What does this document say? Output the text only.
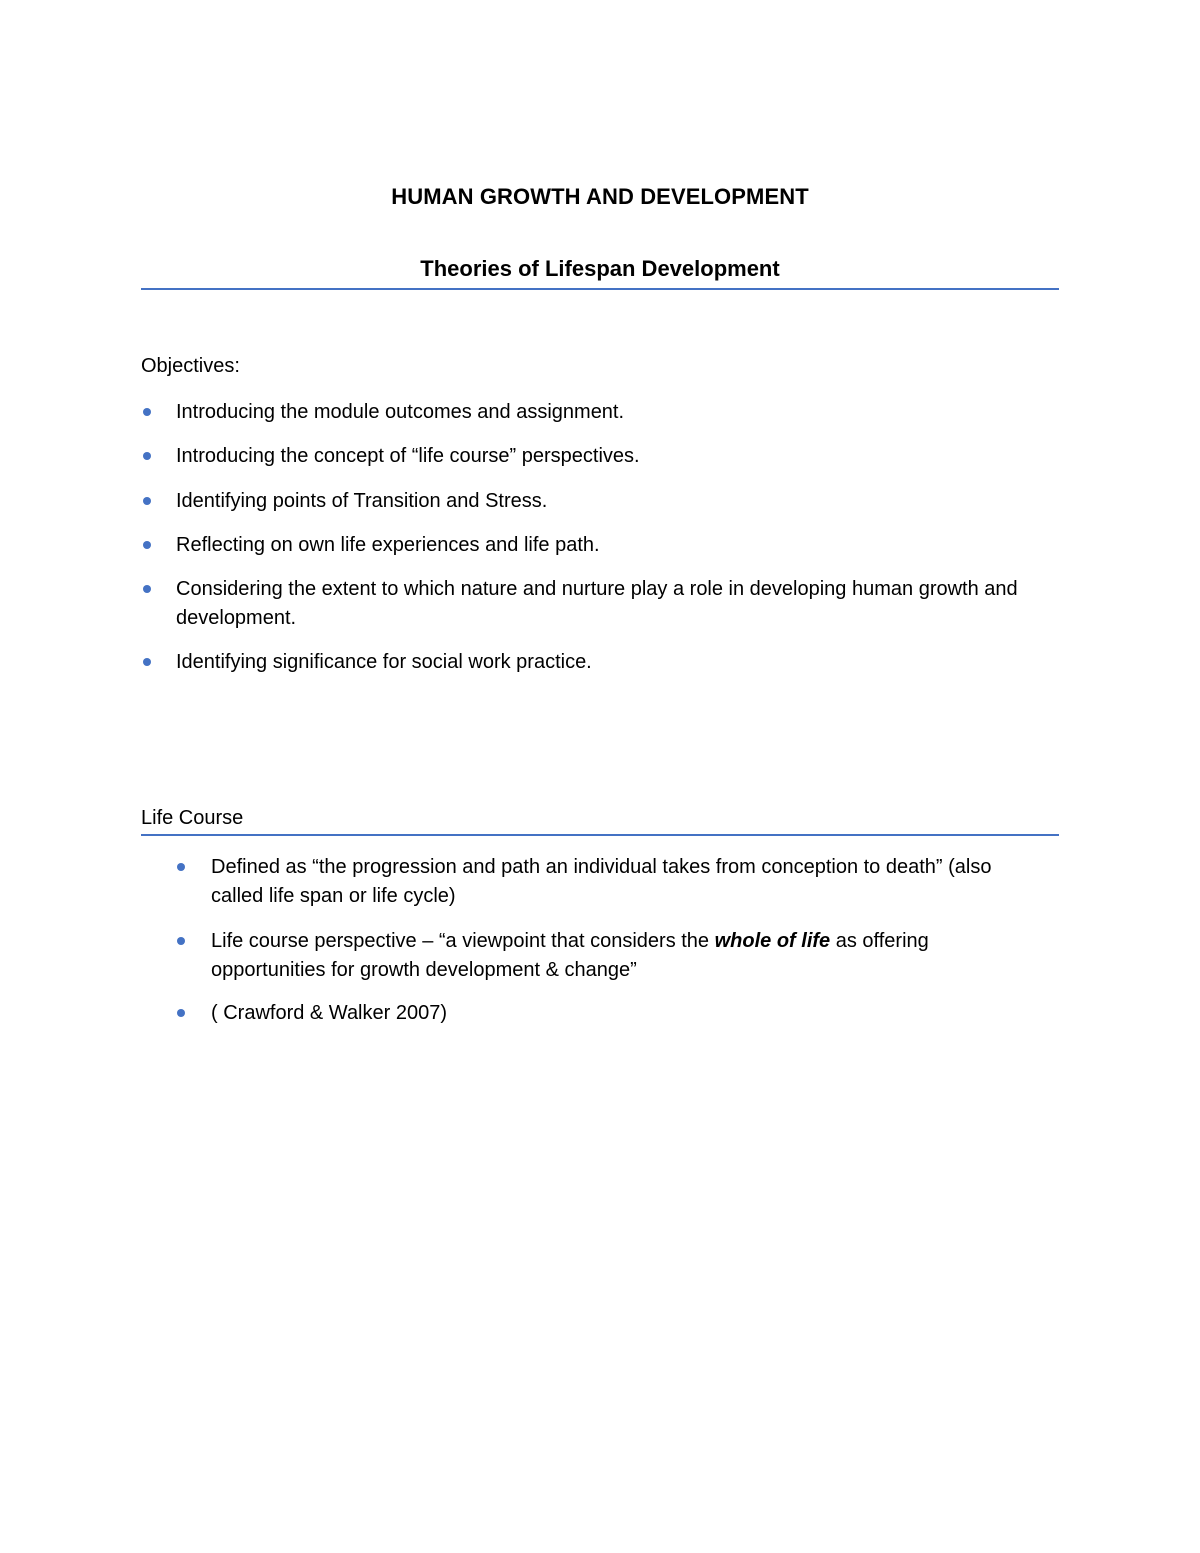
HUMAN GROWTH AND DEVELOPMENT
Theories of Lifespan Development
Objectives:
Introducing the module outcomes and assignment.
Introducing the concept of “life course” perspectives.
Identifying points of Transition and Stress.
Reflecting on own life experiences and life path.
Considering the extent to which nature and nurture play a role in developing human growth and development.
Identifying significance for social work practice.
Life Course
Defined as “the progression and path an individual takes from conception to death” (also called life span or life cycle)
Life course perspective – “a viewpoint that considers the whole of life as offering opportunities for growth development & change”
( Crawford & Walker 2007)
